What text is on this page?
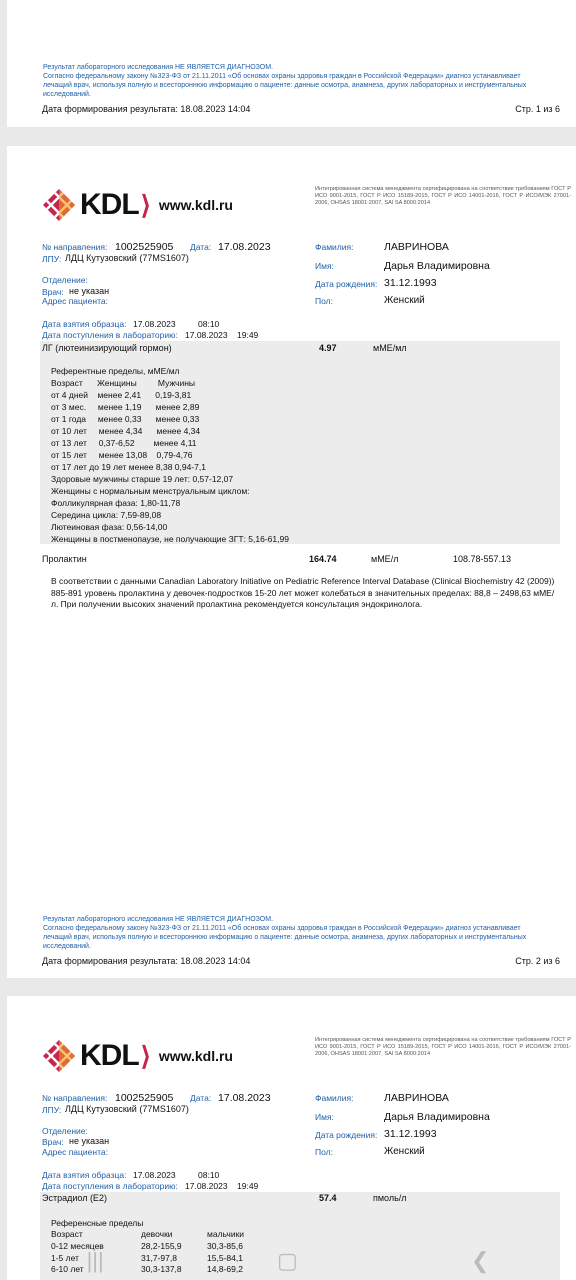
Результат лабораторного исследования НЕ ЯВЛЯЕТСЯ ДИАГНОЗОМ.
Согласно федеральному закону №323-ФЗ от 21.11.2011 «Об основах охраны здоровья граждан в Российской Федерации» диагноз устанавливает лечащий врач, используя полную и всестороннюю информацию о пациенте: данные осмотра, анамнеза, других лабораторных и инструментальных исследований.
Дата формирования результата: 18.08.2023 14:04	Стр. 1 из 6
KDL ⟩ www.kdl.ru
Интегрированная система менеджмента сертифицирована на соответствие требованиям ГОСТ Р ИСО 9001-2015, ГОСТ Р ИСО 15189-2015, ГОСТ Р ИСО 14001-2016, ГОСТ Р ИСО/МЭК 27001-2006, OHSAS 18001:2007, SAI SA 8000:2014
№ направления: 1002525905 Дата: 17.08.2023
ЛПУ: ЛДЦ Кутузовский (77MS1607)
Отделение:
Врач: не указан
Адрес пациента:
Фамилия:	ЛАВРИНОВА
Имя:	Дарья Владимировна
Дата рождения: 31.12.1993
Пол:	Женский
Дата взятия образца: 17.08.2023	08:10
Дата поступления в лабораторию: 17.08.2023 19:49
ЛГ (лютеинизирующий гормон)	4.97	мМЕ/мл
Референтные пределы, мМЕ/мл
Возраст      Женщины         Мужчины
от 4 дней    менее 2,41      0,19-3,81
от 3 мес.     менее 1,19      менее 2,89
от 1 года     менее 0,33      менее 0,33
от 10 лет     менее 4,34      менее 4,34
от 13 лет     0,37-6,52        менее 4,11
от 15 лет     менее 13,08    0,79-4,76
от 17 лет до 19 лет менее 8,38 0,94-7,1
Здоровые мужчины старше 19 лет: 0,57-12,07
Женщины с нормальным менструальным циклом:
Фолликулярная фаза: 1,80-11,78
Середина цикла: 7,59-89,08
Лютеиновая фаза: 0,56-14,00
Женщины в постменопаузе, не получающие ЗГТ: 5,16-61,99
Пролактин	164.74	мМЕ/л	108.78-557.13
В соответствии с данными Canadian Laboratory Initiative on Pediatric Reference Interval Database (Clinical Biochemistry 42 (2009)) 885-891 уровень пролактина у девочек-подростков 15-20 лет может колебаться в значительных пределах: 88,8 – 2498,63 мМЕ/л. При получении высоких значений пролактина рекомендуется консультация эндокринолога.
Результат лабораторного исследования НЕ ЯВЛЯЕТСЯ ДИАГНОЗОМ.
Согласно федеральному закону №323-ФЗ от 21.11.2011 «Об основах охраны здоровья граждан в Российской Федерации» диагноз устанавливает лечащий врач, используя полную и всестороннюю информацию о пациенте: данные осмотра, анамнеза, других лабораторных и инструментальных исследований.
Дата формирования результата: 18.08.2023 14:04	Стр. 2 из 6
KDL ⟩ www.kdl.ru
Интегрированная система менеджмента сертифицирована на соответствие требованиям ГОСТ Р ИСО 9001-2015, ГОСТ Р ИСО 15189-2015, ГОСТ Р ИСО 14001-2016, ГОСТ Р ИСО/МЭК 27001-2006, OHSAS 18001:2007, SAI SA 8000:2014
№ направления: 1002525905 Дата: 17.08.2023
ЛПУ: ЛДЦ Кутузовский (77MS1607)
Отделение:
Врач: не указан
Адрес пациента:
Фамилия:	ЛАВРИНОВА
Имя:	Дарья Владимировна
Дата рождения: 31.12.1993
Пол:	Женский
Дата взятия образца: 17.08.2023	08:10
Дата поступления в лабораторию: 17.08.2023 19:49
Эстрадиол (Е2)	57.4	пмоль/л
Референсные пределы
Возраст	девочки	мальчики
0-12 месяцев	28,2-155,9	30,3-85,6
1-5 лет	31,7-97,8	15,5-84,1
6-10 лет	30,3-137,8	14,8-69,2
|||	▢	❮
